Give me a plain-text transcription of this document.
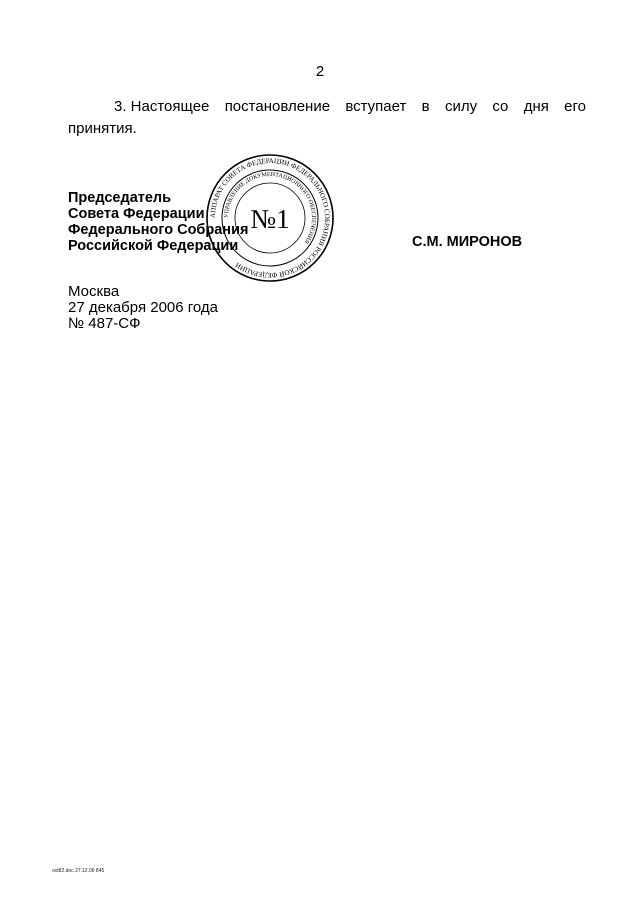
2
3. Настоящее постановление вступает в силу со дня его
принятия.
Председатель
Совета Федерации
Федерального Собрания
Российской Федерации	С.М. МИРОНОВ
АППАРАТ СОВЕТА ФЕДЕРАЦИИ ФЕДЕРАЛЬНОГО СОБРАНИЯ РОССИЙСКОЙ ФЕДЕРАЦИИ
УПРАВЛЕНИЕ ДОКУМЕНТАЦИОННОГО ОБЕСПЕЧЕНИЯ
№1
Москва
27 декабря 2006 года
№ 487-СФ
ovt82.doc 27.12.06 845
